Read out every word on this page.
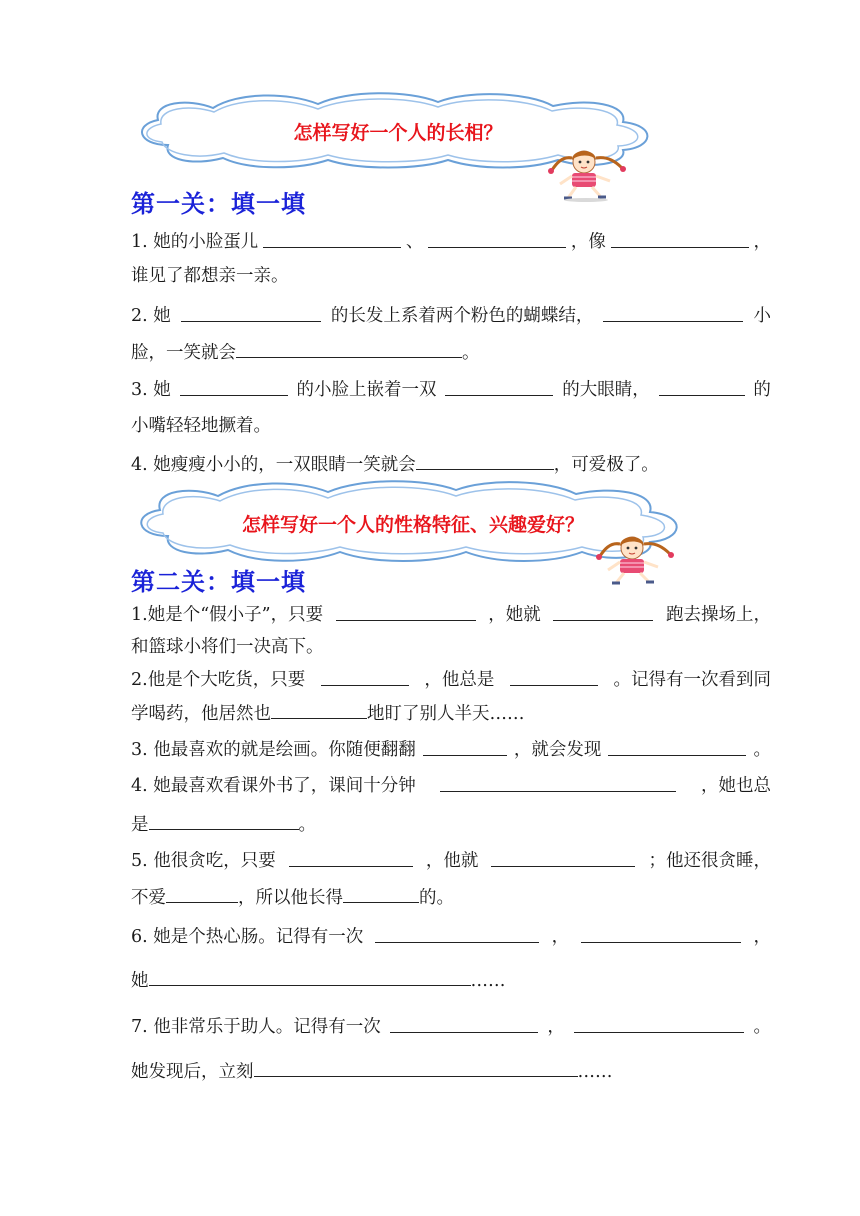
怎样写好一个人的长相？
第一关：填一填
1. 她的小脸蛋儿	、	，像	，
谁见了都想亲一亲。
2. 她	的长发上系着两个粉色的蝴蝶结，	小
脸，一笑就会	。
3. 她	的小脸上嵌着一双	的大眼睛，	的
小嘴轻轻地撅着。
4. 她瘦瘦小小的，一双眼睛一笑就会	，可爱极了。
怎样写好一个人的性格特征、兴趣爱好？
第二关：填一填
1.她是个“假小子”，只要	，她就	跑去操场上，
和篮球小将们一决高下。
2.他是个大吃货，只要	，他总是	。记得有一次看到同
学喝药，他居然也	地盯了别人半天……
3. 他最喜欢的就是绘画。你随便翻翻	，就会发现	。
4. 她最喜欢看课外书了，课间十分钟	，她也总
是	。
5. 他很贪吃，只要	，他就	；他还很贪睡，
不爱	，所以他长得	的。
6. 她是个热心肠。记得有一次	，	，
她	……
7. 他非常乐于助人。记得有一次	，	。
她发现后，立刻	……
